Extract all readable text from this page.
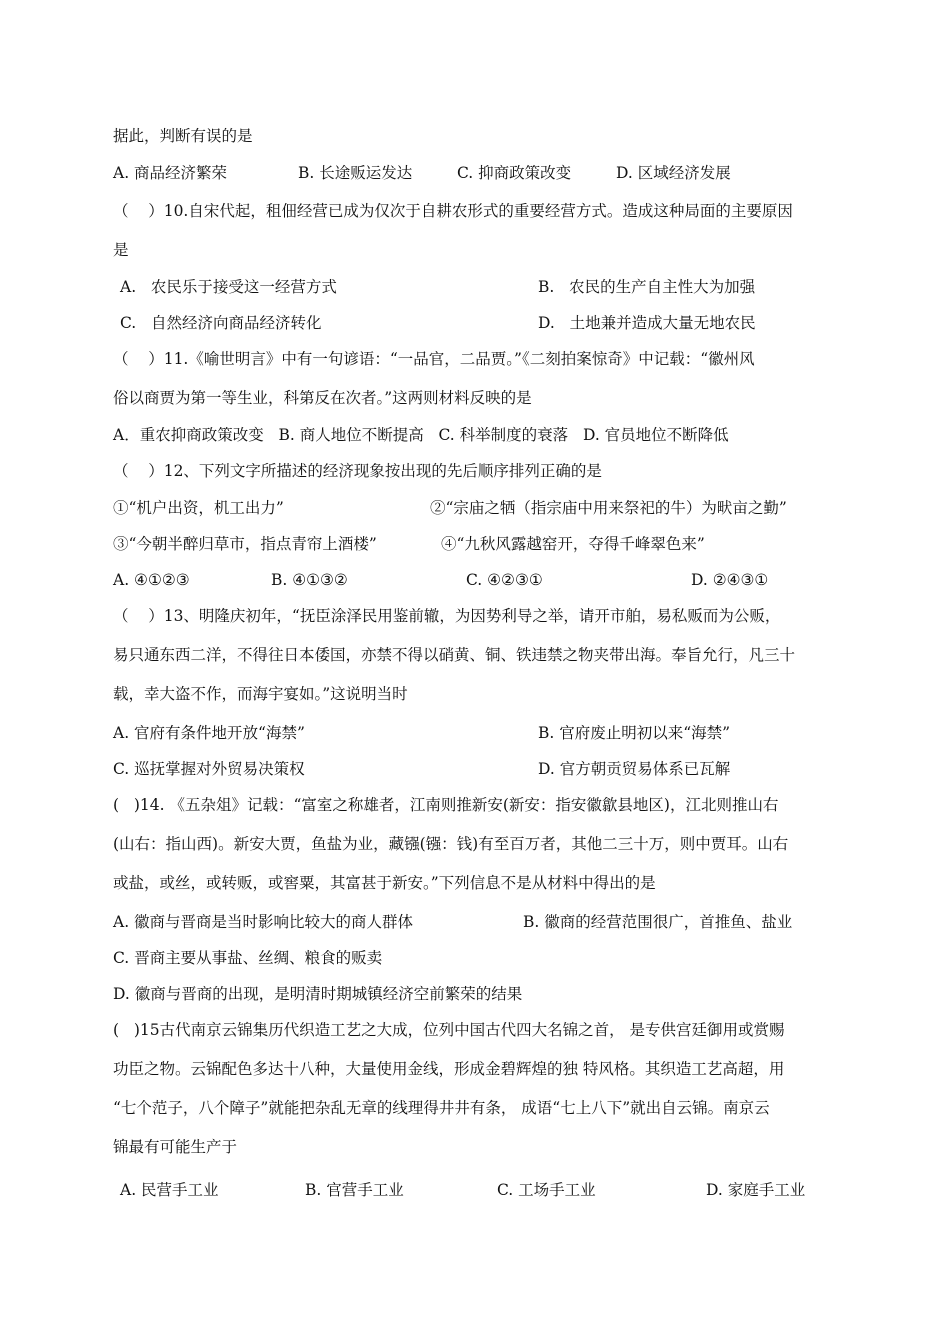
据此，判断有误的是
A. 商品经济繁荣	B. 长途贩运发达	C. 抑商政策改变	D. 区域经济发展
（    ）10.自宋代起，租佃经营已成为仅次于自耕农形式的重要经营方式。造成这种局面的主要原因
是
A.   农民乐于接受这一经营方式	B.   农民的生产自主性大为加强
C.   自然经济向商品经济转化	D.   土地兼并造成大量无地农民
（    ）11.《喻世明言》中有一句谚语：“一品官，二品贾。”《二刻拍案惊奇》中记载：“徽州风
俗以商贾为第一等生业，科第反在次者。”这两则材料反映的是
A．重农抑商政策改变   B. 商人地位不断提高   C. 科举制度的衰落   D. 官员地位不断降低
（    ）12、下列文字所描述的经济现象按出现的先后顺序排列正确的是
①“机户出资，机工出力”	②“宗庙之牺（指宗庙中用来祭祀的牛）为畎亩之勤”
③“今朝半醉归草市，指点青帘上酒楼”	④“九秋风露越窑开，夺得千峰翠色来”
A. ④①②③	B. ④①③②	C. ④②③①	D. ②④③①
（    ）13、明隆庆初年，“抚臣涂泽民用鉴前辙，为因势利导之举，请开市舶，易私贩而为公贩，
易只通东西二洋，不得往日本倭国，亦禁不得以硝黄、铜、铁违禁之物夹带出海。奉旨允行，凡三十
载，幸大盗不作，而海宇宴如。”这说明当时
A. 官府有条件地开放“海禁”	B. 官府废止明初以来“海禁”
C. 巡抚掌握对外贸易决策权	D. 官方朝贡贸易体系已瓦解
(   )14. 《五杂俎》记载：“富室之称雄者，江南则推新安(新安：指安徽歙县地区)，江北则推山右
(山右：指山西)。新安大贾，鱼盐为业，藏镪(镪：钱)有至百万者，其他二三十万，则中贾耳。山右
或盐，或丝，或转贩，或窖粟，其富甚于新安。”下列信息不是从材料中得出的是
A. 徽商与晋商是当时影响比较大的商人群体	B. 徽商的经营范围很广，首推鱼、盐业
C. 晋商主要从事盐、丝绸、粮食的贩卖
D. 徽商与晋商的出现，是明清时期城镇经济空前繁荣的结果
(   )15古代南京云锦集历代织造工艺之大成，位列中国古代四大名锦之首， 是专供宫廷御用或赏赐
功臣之物。云锦配色多达十八种，大量使用金线，形成金碧辉煌的独 特风格。其织造工艺高超，用
“七个范子，八个障子”就能把杂乱无章的线理得井井有条， 成语“七上八下”就出自云锦。南京云
锦最有可能生产于
A. 民营手工业	B. 官营手工业	C. 工场手工业	D. 家庭手工业
